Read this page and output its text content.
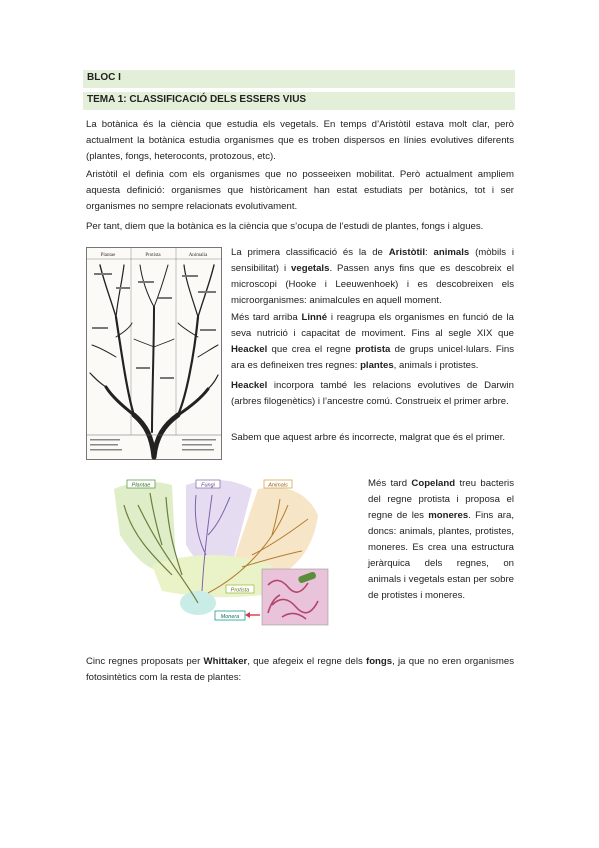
BLOC I
TEMA 1: CLASSIFICACIÓ DELS ESSERS VIUS

La botànica és la ciència que estudia els vegetals. En temps d’Aristòtil estava molt clar, però actualment la botànica estudia organismes que es troben dispersos en línies evolutives diferents (plantes, fongs, heteroconts, protozous, etc).

Aristòtil el definia com els organismes que no posseeixen mobilitat. Però actualment ampliem aquesta definició: organismes que històricament han estat estudiats per botànics, tot i ser organismes no sempre relacionats evolutivament.

Per tant, diem que la botànica es la ciència que s’ocupa de l’estudi de plantes, fongs i algues.

Plantae	Protista	Animalia La primera classificació és la de Aristòtil: animals (mòbils i sensibilitat) i vegetals. Passen anys fins que es descobreix el microscopi (Hooke i Leeuwenhoek) i es descobreixen els microorganismes: animalcules en aquell moment.

Més tard arriba Linné i reagrupa els organismes en funció de la seva nutrició i capacitat de moviment. Fins al segle XIX que Heackel que crea el regne protista de grups unicel·lulars. Fins ara es defineixen tres regnes: plantes, animals i protistes.

Heackel incorpora també les relacions evolutives de Darwin (arbres filogenètics) i l’ancestre comú. Construeix el primer arbre.

Sabem que aquest arbre és incorrecte, malgrat que és el primer.

Plantae	Fungi	Animals
Protista
Monera

Més tard Copeland treu bacteris del regne protista i proposa el regne de les moneres. Fins ara, doncs: animals, plantes, protistes, moneres. Es crea una estructura jeràrquica dels regnes, on animals i vegetals estan per sobre de protistes i moneres.

Cinc regnes proposats per Whittaker, que afegeix el regne dels fongs, ja que no eren organismes fotosintètics com la resta de plantes:
